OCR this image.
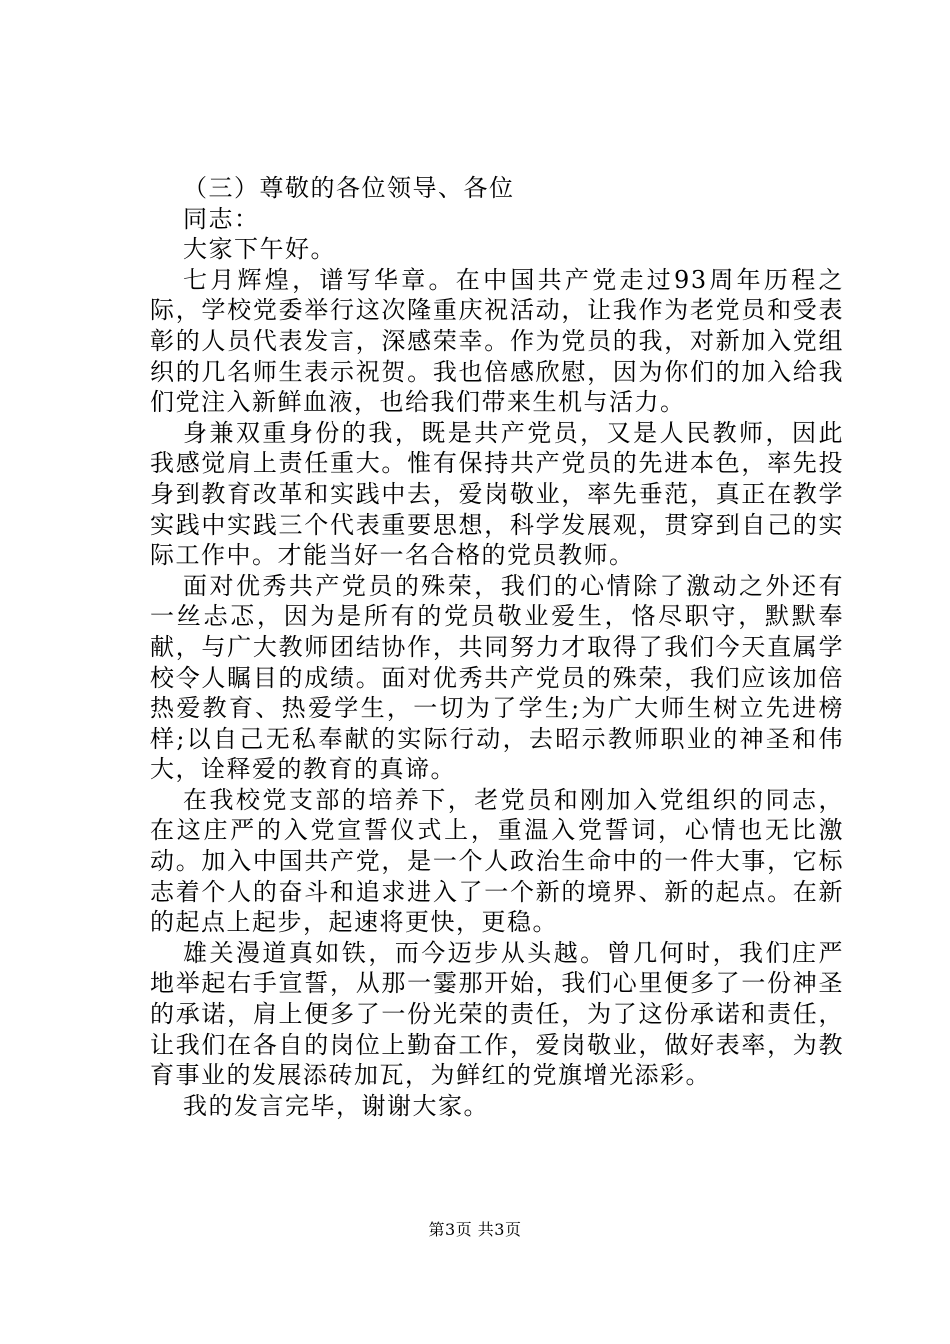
（三）尊敬的各位领导、各位

同志：

大家下午好。

七月辉煌，谱写华章。在中国共产党走过93周年历程之际，学校党委举行这次隆重庆祝活动，让我作为老党员和受表彰的人员代表发言，深感荣幸。作为党员的我，对新加入党组织的几名师生表示祝贺。我也倍感欣慰，因为你们的加入给我们党注入新鲜血液，也给我们带来生机与活力。

身兼双重身份的我，既是共产党员，又是人民教师，因此我感觉肩上责任重大。惟有保持共产党员的先进本色，率先投身到教育改革和实践中去，爱岗敬业，率先垂范，真正在教学实践中实践三个代表重要思想，科学发展观，贯穿到自己的实际工作中。才能当好一名合格的党员教师。

面对优秀共产党员的殊荣，我们的心情除了激动之外还有一丝忐忑，因为是所有的党员敬业爱生，恪尽职守，默默奉献，与广大教师团结协作，共同努力才取得了我们今天直属学校令人瞩目的成绩。面对优秀共产党员的殊荣，我们应该加倍热爱教育、热爱学生，一切为了学生;为广大师生树立先进榜样;以自己无私奉献的实际行动，去昭示教师职业的神圣和伟大，诠释爱的教育的真谛。

在我校党支部的培养下，老党员和刚加入党组织的同志，在这庄严的入党宣誓仪式上，重温入党誓词，心情也无比激动。加入中国共产党，是一个人政治生命中的一件大事，它标志着个人的奋斗和追求进入了一个新的境界、新的起点。在新的起点上起步，起速将更快，更稳。

雄关漫道真如铁，而今迈步从头越。曾几何时，我们庄严地举起右手宣誓，从那一霎那开始，我们心里便多了一份神圣的承诺，肩上便多了一份光荣的责任，为了这份承诺和责任，让我们在各自的岗位上勤奋工作，爱岗敬业，做好表率，为教育事业的发展添砖加瓦，为鲜红的党旗增光添彩。

我的发言完毕，谢谢大家。

第3页 共3页
